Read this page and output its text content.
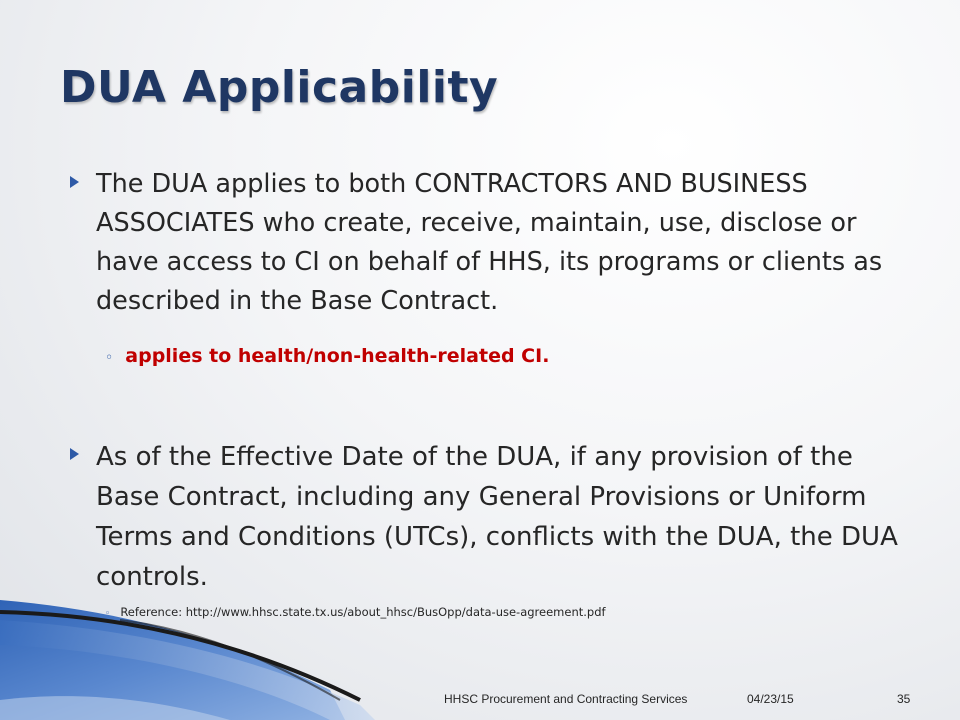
DUA Applicability
The DUA applies to both CONTRACTORS AND BUSINESS ASSOCIATES who create, receive, maintain, use, disclose or have access to CI on behalf of HHS, its programs or clients as described in the Base Contract.
◦ applies to health/non-health-related CI.
As of the Effective Date of the DUA, if any provision of the Base Contract, including any General Provisions or Uniform Terms and Conditions (UTCs), conflicts with the DUA, the DUA controls.
◦ Reference: http://www.hhsc.state.tx.us/about_hhsc/BusOpp/data-use-agreement.pdf
HHSC Procurement and Contracting Services	04/23/15	35
